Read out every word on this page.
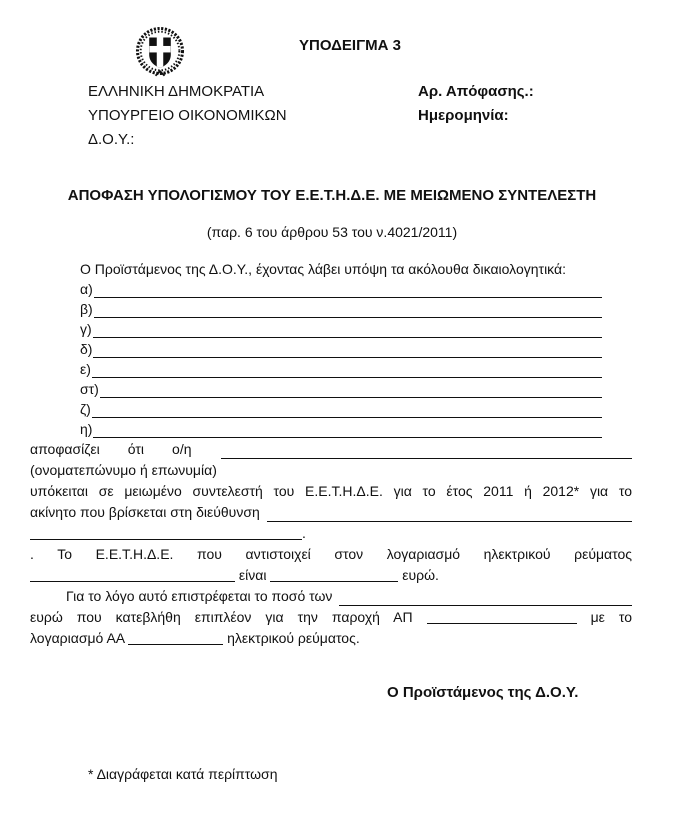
ΥΠΟΔΕΙΓΜΑ 3
ΕΛΛΗΝΙΚΗ ΔΗΜΟΚΡΑΤΙΑ
ΥΠΟΥΡΓΕΙΟ ΟΙΚΟΝΟΜΙΚΩΝ
Δ.Ο.Υ.:
Αρ. Απόφασης.:
Ημερομηνία:
ΑΠΟΦΑΣΗ ΥΠΟΛΟΓΙΣΜΟΥ ΤΟΥ Ε.Ε.Τ.Η.Δ.Ε. ΜΕ ΜΕΙΩΜΕΝΟ ΣΥΝΤΕΛΕΣΤΗ
(παρ. 6 του άρθρου 53 του ν.4021/2011)
Ο Προϊστάμενος της Δ.Ο.Υ., έχοντας λάβει υπόψη τα ακόλουθα δικαιολογητικά:
α)
β)
γ)
δ)
ε)
στ)
ζ)
η)
αποφασίζει ότι ο/η
(ονοματεπώνυμο ή επωνυμία)
υπόκειται σε μειωμένο συντελεστή του Ε.Ε.Τ.Η.Δ.Ε. για το έτος 2011 ή 2012* για το
ακίνητο που βρίσκεται στη διεύθυνση
.
. Το Ε.Ε.Τ.Η.Δ.Ε. που αντιστοιχεί στον λογαριασμό ηλεκτρικού ρεύματος
είναι	ευρώ.
Για το λόγο αυτό επιστρέφεται το ποσό των
ευρώ που κατεβλήθη επιπλέον για την παροχή ΑΠ	με το
λογαριασμό ΑΑ	ηλεκτρικού ρεύματος.
Ο Προϊστάμενος της Δ.Ο.Υ.
* Διαγράφεται κατά περίπτωση
